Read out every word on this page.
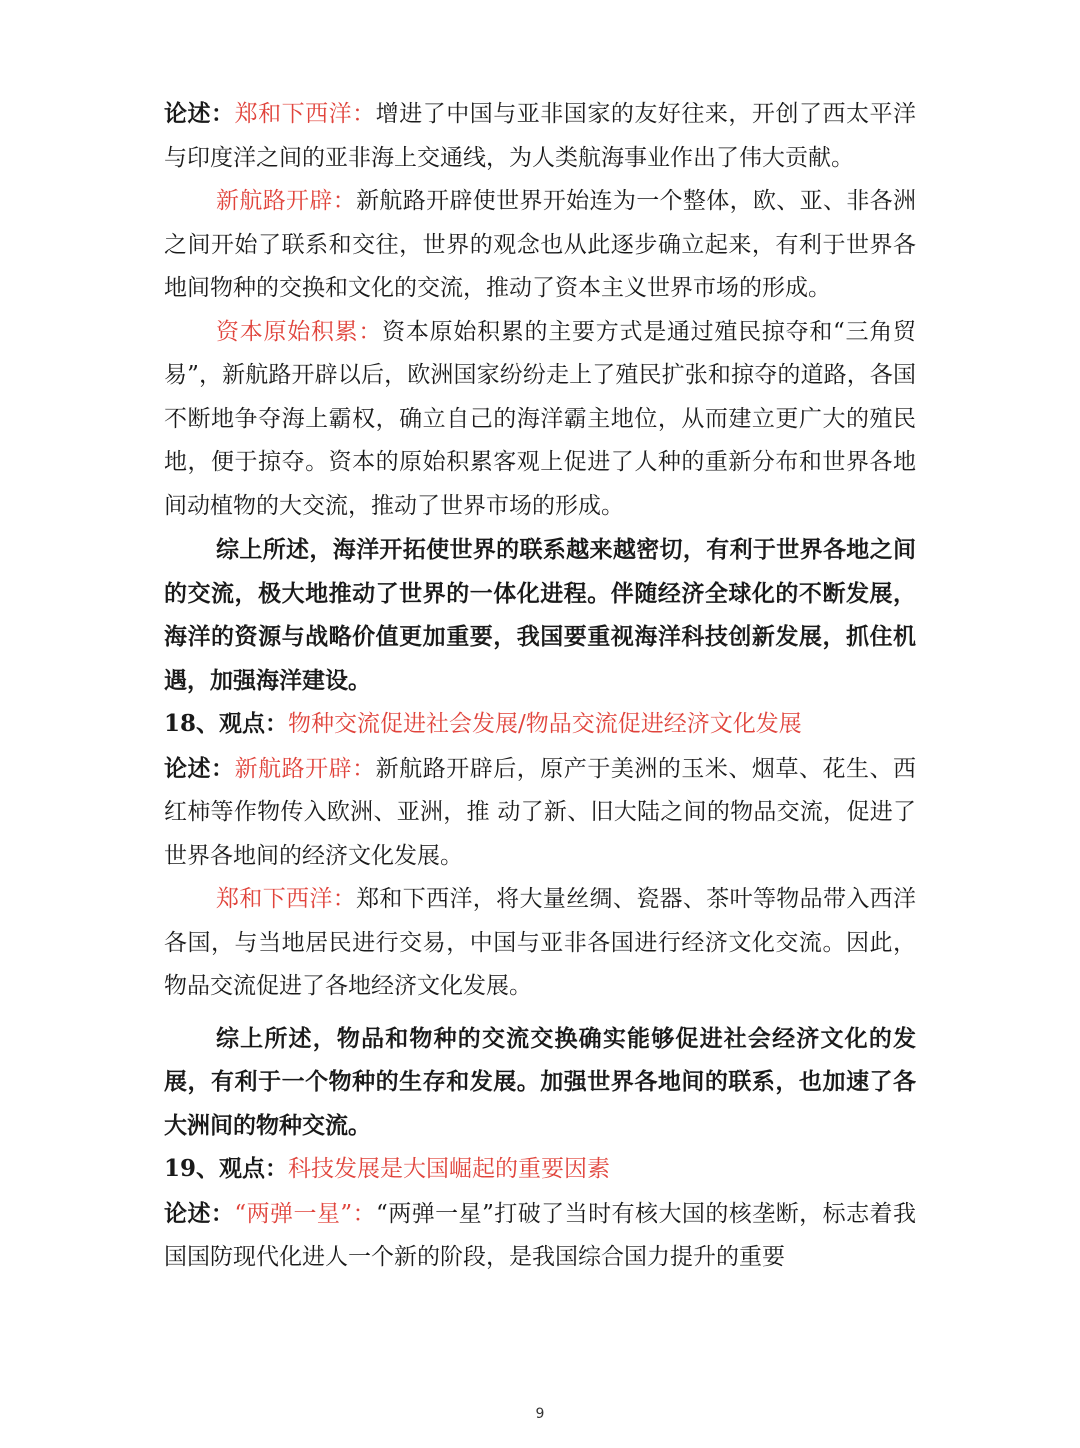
论述：郑和下西洋：增进了中国与亚非国家的友好往来，开创了西太平洋与印度洋之间的亚非海上交通线，为人类航海事业作出了伟大贡献。

新航路开辟：新航路开辟使世界开始连为一个整体，欧、亚、非各洲之间开始了联系和交往，世界的观念也从此逐步确立起来，有利于世界各地间物种的交换和文化的交流，推动了资本主义世界市场的形成。

资本原始积累：资本原始积累的主要方式是通过殖民掠夺和“三角贸易”，新航路开辟以后，欧洲国家纷纷走上了殖民扩张和掠夺的道路，各国不断地争夺海上霸权，确立自己的海洋霸主地位，从而建立更广大的殖民地，便于掠夺。资本的原始积累客观上促进了人种的重新分布和世界各地间动植物的大交流，推动了世界市场的形成。

综上所述，海洋开拓使世界的联系越来越密切，有利于世界各地之间的交流，极大地推动了世界的一体化进程。伴随经济全球化的不断发展，海洋的资源与战略价值更加重要，我国要重视海洋科技创新发展，抓住机遇，加强海洋建设。

18、观点：物种交流促进社会发展/物品交流促进经济文化发展

论述：新航路开辟：新航路开辟后，原产于美洲的玉米、烟草、花生、西红柿等作物传入欧洲、亚洲，推 动了新、旧大陆之间的物品交流，促进了世界各地间的经济文化发展。

郑和下西洋：郑和下西洋，将大量丝绸、瓷器、茶叶等物品带入西洋各国，与当地居民进行交易，中国与亚非各国进行经济文化交流。因此，物品交流促进了各地经济文化发展。

综上所述，物品和物种的交流交换确实能够促进社会经济文化的发展，有利于一个物种的生存和发展。加强世界各地间的联系，也加速了各大洲间的物种交流。

19、观点：科技发展是大国崛起的重要因素

论述：“两弹一星”：“两弹一星”打破了当时有核大国的核垄断，标志着我国国防现代化进人一个新的阶段，是我国综合国力提升的重要

9
